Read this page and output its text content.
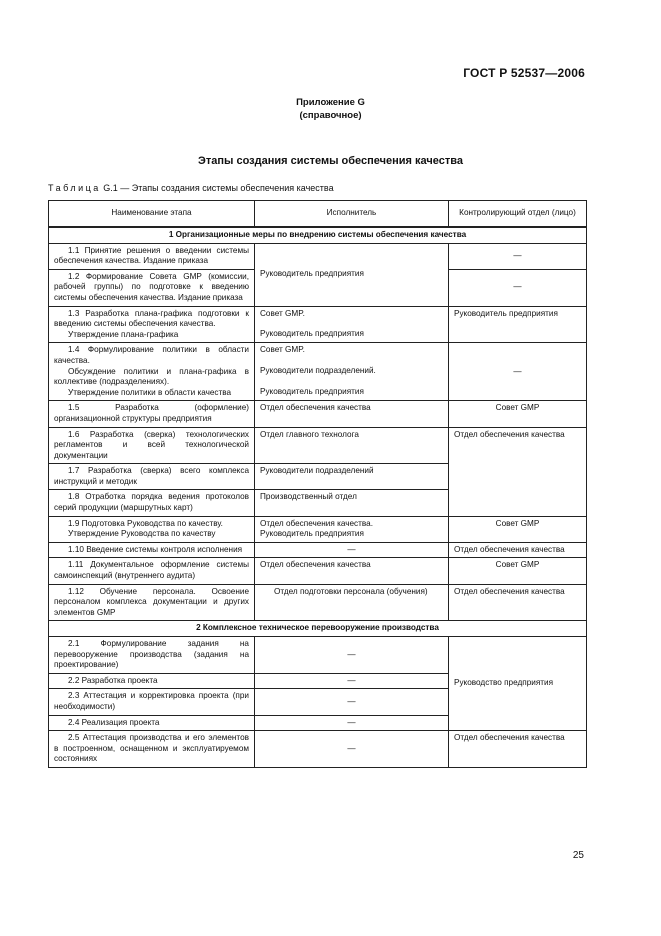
ГОСТ Р 52537—2006
Приложение G
(справочное)
Этапы создания системы обеспечения качества
Таблица G.1 — Этапы создания системы обеспечения качества
Наименование этапа	Исполнитель	Контролирующий отдел (лицо)
1 Организационные меры по внедрению системы обеспечения качества		

1.1 Принятие решения о введении системы обеспечения качества. Издание приказа	Руководитель предприятия	—

1.2 Формирование Совета GMP (комиссии, рабочей группы) по подготовке к введению системы обеспечения качества. Издание приказа		—

1.3 Разработка плана-графика подготовки к введению системы обеспечения качества.
Утверждение плана-графика	Совет GMP.
Руководитель предприятия	Руководитель предприятия

1.4 Формулирование политики в области качества.
Обсуждение политики и плана-графика в коллективе (подразделениях).
Утверждение политики в области качества	Совет GMP.
Руководители подразделений.
Руководитель предприятия	—

1.5 Разработка (оформление) организационной структуры предприятия	Отдел обеспечения качества	Совет GMP

1.6 Разработка (сверка) технологических регламентов и всей технологической документации	Отдел главного технолога	Отдел обеспечения качества

1.7 Разработка (сверка) всего комплекса инструкций и методик	Руководители подразделений	

1.8 Отработка порядка ведения протоколов серий продукции (маршрутных карт)	Производственный отдел	

1.9 Подготовка Руководства по качеству.
Утверждение Руководства по качеству	Отдел обеспечения качества.
Руководитель предприятия	Совет GMP

1.10 Введение системы контроля исполнения	—	Отдел обеспечения качества

1.11 Документальное оформление системы самоинспекций (внутреннего аудита)	Отдел обеспечения качества	Совет GMP

1.12 Обучение персонала. Освоение персоналом комплекса документации и других элементов GMP	Отдел подготовки персонала (обучения)	Отдел обеспечения качества
2 Комплексное техническое перевооружение производства		

2.1 Формулирование задания на перевооружение производства (задания на проектирование)	—	Руководство предприятия

2.2 Разработка проекта	—	

2.3 Аттестация и корректировка проекта (при необходимости)	—	

2.4 Реализация проекта	—	

2.5 Аттестация производства и его элементов в построенном, оснащенном и эксплуатируемом состояниях	—	Отдел обеспечения качества
25
